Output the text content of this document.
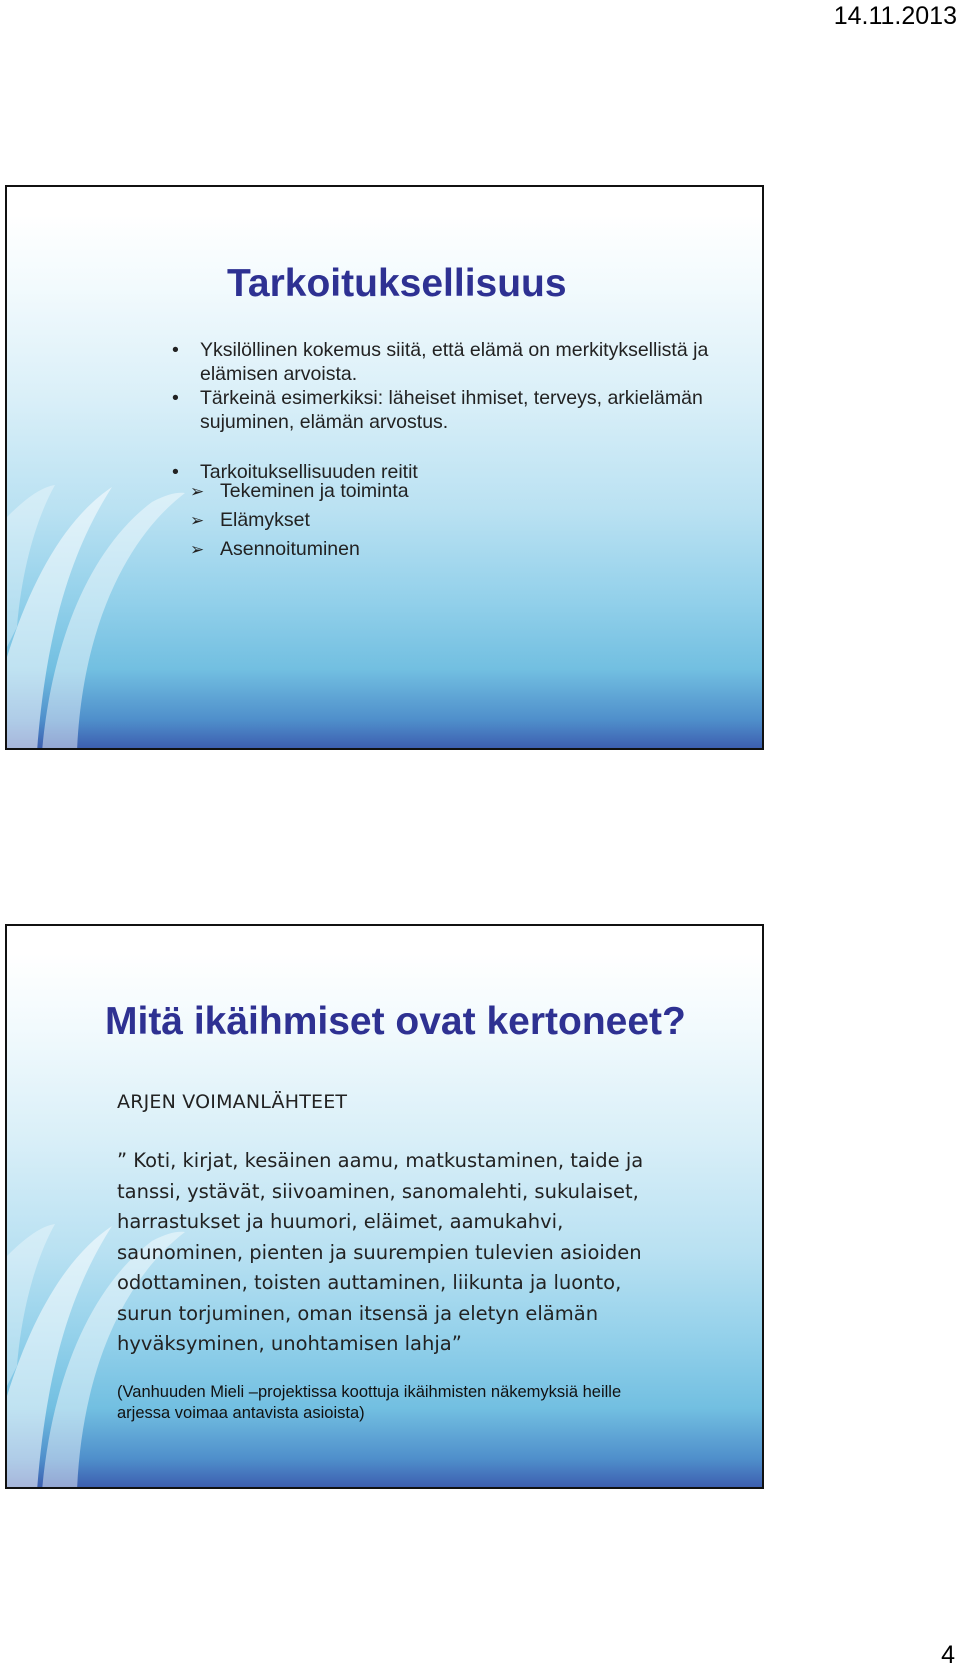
14.11.2013
Tarkoituksellisuus
• Yksilöllinen kokemus siitä, että elämä on merkityksellistä ja elämisen arvoista.
• Tärkeinä esimerkiksi: läheiset ihmiset, terveys, arkielämän sujuminen, elämän arvostus.
• Tarkoituksellisuuden reitit
➢ Tekeminen ja toiminta
➢ Elämykset
➢ Asennoituminen
Mitä ikäihmiset ovat kertoneet?
ARJEN VOIMANLÄHTEET

” Koti, kirjat, kesäinen aamu, matkustaminen, taide ja tanssi, ystävät, siivoaminen, sanomalehti, sukulaiset, harrastukset ja huumori, eläimet, aamukahvi, saunominen, pienten ja suurempien tulevien asioiden odottaminen, toisten auttaminen, liikunta ja luonto, surun torjuminen, oman itsensä ja eletyn elämän hyväksyminen, unohtamisen lahja”

(Vanhuuden Mieli –projektissa koottuja ikäihmisten näkemyksiä heille arjessa voimaa antavista asioista)

4
